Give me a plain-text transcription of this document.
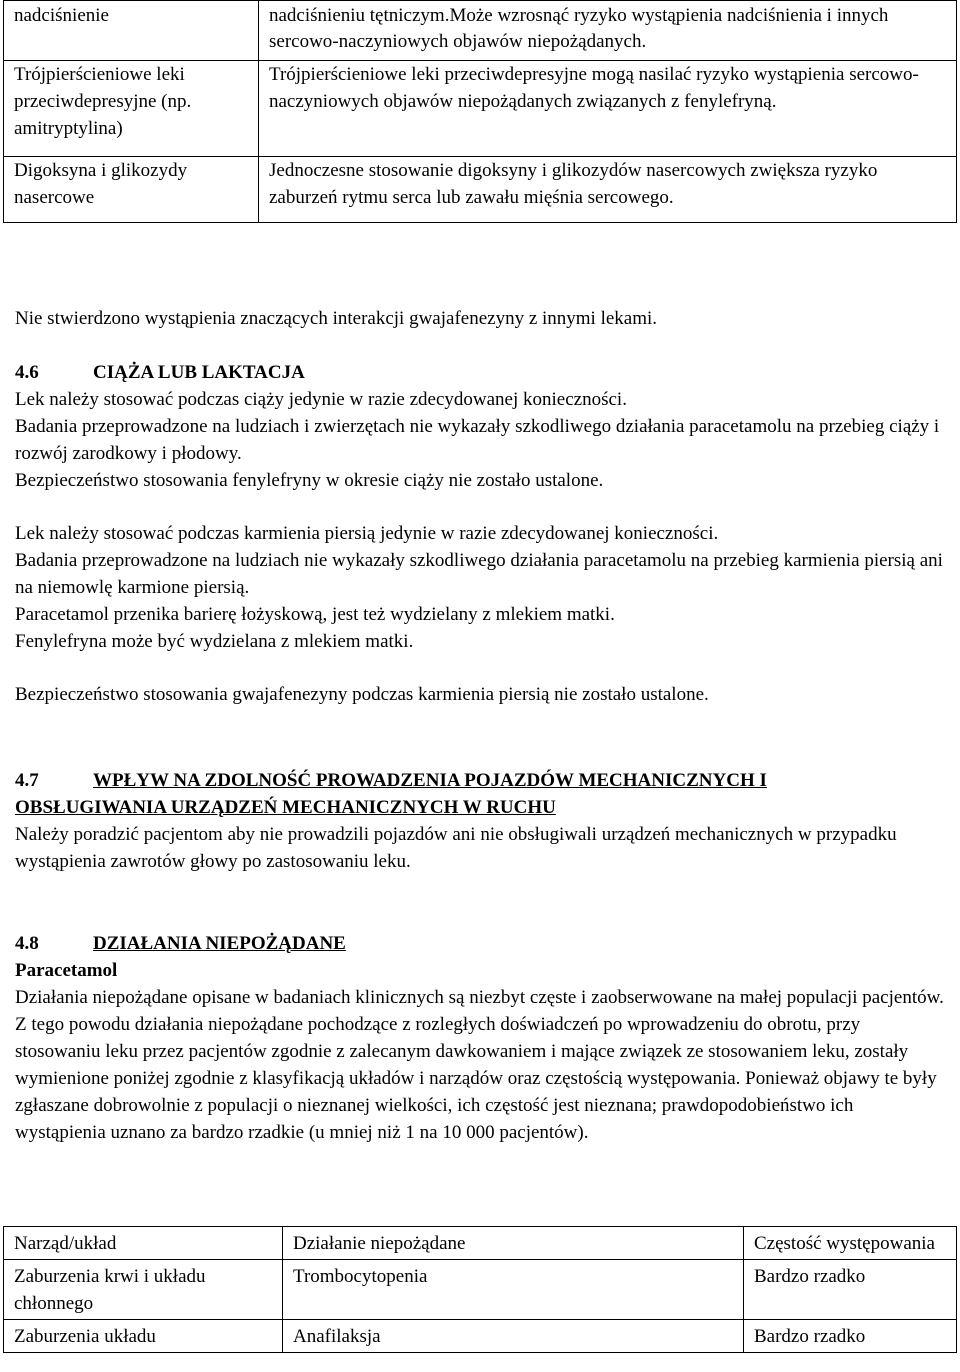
nadciśnienie	nadciśnieniu tętniczym.Może wzrosnąć ryzyko wystąpienia nadciśnienia i innych sercowo-naczyniowych objawów niepożądanych.
Trójpierścieniowe leki przeciwdepresyjne (np. amitryptylina)	Trójpierścieniowe leki przeciwdepresyjne mogą nasilać ryzyko wystąpienia sercowo-naczyniowych objawów niepożądanych związanych z fenylefryną.
Digoksyna i glikozydy nasercowe	Jednoczesne stosowanie digoksyny i glikozydów nasercowych zwiększa ryzyko zaburzeń rytmu serca lub zawału mięśnia sercowego.

Nie stwierdzono wystąpienia znaczących interakcji gwajafenezyny z innymi lekami.

4.6	CIĄŻA LUB LAKTACJA

Lek należy stosować podczas ciąży jedynie w razie zdecydowanej konieczności.

Badania przeprowadzone na ludziach i zwierzętach nie wykazały szkodliwego działania paracetamolu na przebieg ciąży i rozwój zarodkowy i płodowy.

Bezpieczeństwo stosowania fenylefryny w okresie ciąży nie zostało ustalone.

Lek należy stosować podczas karmienia piersią jedynie w razie zdecydowanej konieczności.

Badania przeprowadzone na ludziach nie wykazały szkodliwego działania paracetamolu na przebieg karmienia piersią ani na niemowlę karmione piersią.

Paracetamol przenika barierę łożyskową, jest też wydzielany z mlekiem matki.

Fenylefryna może być wydzielana z mlekiem matki.

Bezpieczeństwo stosowania gwajafenezyny podczas karmienia piersią nie zostało ustalone.

4.7	WPŁYW NA ZDOLNOŚĆ PROWADZENIA POJAZDÓW MECHANICZNYCH I

OBSŁUGIWANIA URZĄDZEŃ MECHANICZNYCH W RUCHU

Należy poradzić pacjentom aby nie prowadzili pojazdów ani nie obsługiwali urządzeń mechanicznych w przypadku wystąpienia zawrotów głowy po zastosowaniu leku.

4.8	DZIAŁANIA NIEPOŻĄDANE

Paracetamol

Działania niepożądane opisane w badaniach klinicznych są niezbyt częste i zaobserwowane na małej populacji pacjentów. Z tego powodu działania niepożądane pochodzące z rozległych doświadczeń po wprowadzeniu do obrotu, przy stosowaniu leku przez pacjentów zgodnie z zalecanym dawkowaniem i mające związek ze stosowaniem leku, zostały wymienione poniżej zgodnie z klasyfikacją układów i narządów oraz częstością występowania. Ponieważ objawy te były zgłaszane dobrowolnie z populacji o nieznanej wielkości, ich częstość jest nieznana; prawdopodobieństwo ich wystąpienia uznano za bardzo rzadkie (u mniej niż 1 na 10 000 pacjentów).

Narząd/układ	Działanie niepożądane	Częstość występowania
Zaburzenia krwi i układu chłonnego	Trombocytopenia	Bardzo rzadko
Zaburzenia układu	Anafilaksja	Bardzo rzadko
